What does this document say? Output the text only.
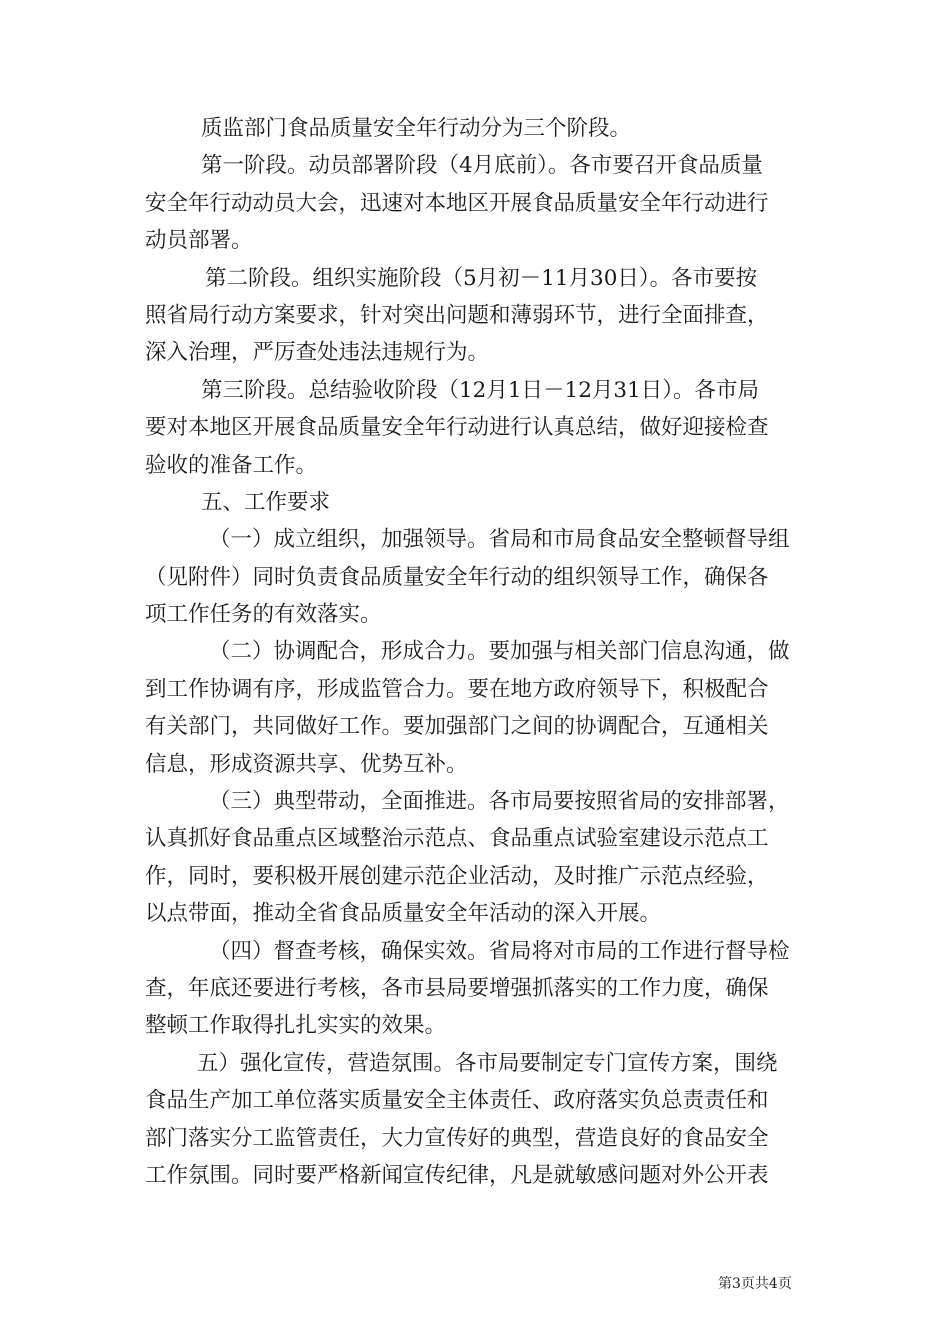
质监部门食品质量安全年行动分为三个阶段。
第一阶段。动员部署阶段（4月底前）。各市要召开食品质量
安全年行动动员大会，迅速对本地区开展食品质量安全年行动进行
动员部署。
第二阶段。组织实施阶段（5月初－11月30日）。各市要按
照省局行动方案要求，针对突出问题和薄弱环节，进行全面排查，
深入治理，严厉查处违法违规行为。
第三阶段。总结验收阶段（12月1日－12月31日）。各市局
要对本地区开展食品质量安全年行动进行认真总结，做好迎接检查
验收的准备工作。
五、工作要求
（一）成立组织，加强领导。省局和市局食品安全整顿督导组
（见附件）同时负责食品质量安全年行动的组织领导工作，确保各
项工作任务的有效落实。
（二）协调配合，形成合力。要加强与相关部门信息沟通，做
到工作协调有序，形成监管合力。要在地方政府领导下，积极配合
有关部门，共同做好工作。要加强部门之间的协调配合，互通相关
信息，形成资源共享、优势互补。
（三）典型带动，全面推进。各市局要按照省局的安排部署，
认真抓好食品重点区域整治示范点、食品重点试验室建设示范点工
作，同时，要积极开展创建示范企业活动，及时推广示范点经验，
以点带面，推动全省食品质量安全年活动的深入开展。
（四）督查考核，确保实效。省局将对市局的工作进行督导检
查，年底还要进行考核，各市县局要增强抓落实的工作力度，确保
整顿工作取得扎扎实实的效果。
五）强化宣传，营造氛围。各市局要制定专门宣传方案，围绕
食品生产加工单位落实质量安全主体责任、政府落实负总责责任和
部门落实分工监管责任，大力宣传好的典型，营造良好的食品安全
工作氛围。同时要严格新闻宣传纪律，凡是就敏感问题对外公开表
第3页共4页
